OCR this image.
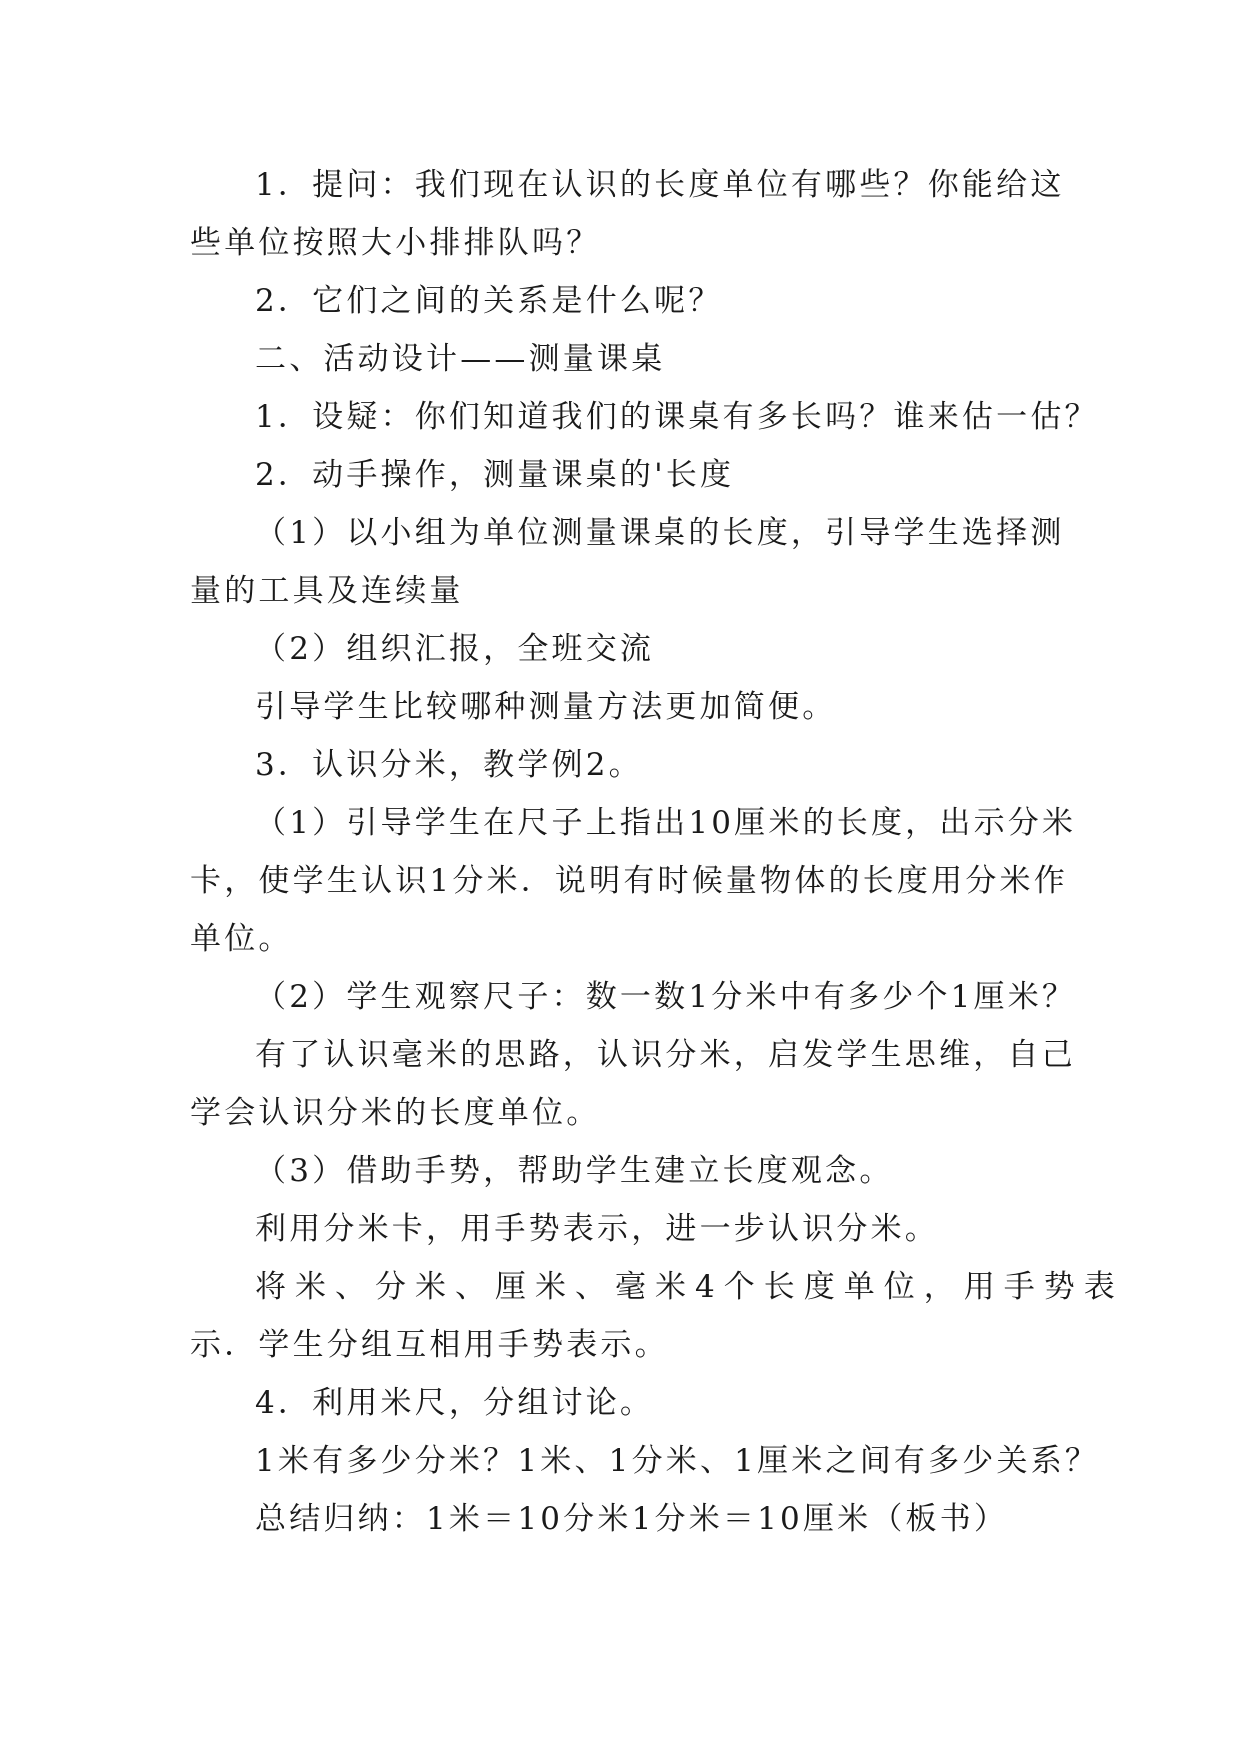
1．提问：我们现在认识的长度单位有哪些？你能给这
些单位按照大小排排队吗？
2．它们之间的关系是什么呢？
二、活动设计——测量课桌
1．设疑：你们知道我们的课桌有多长吗？谁来估一估？
2．动手操作，测量课桌的'长度
（1）以小组为单位测量课桌的长度，引导学生选择测
量的工具及连续量
（2）组织汇报，全班交流
引导学生比较哪种测量方法更加简便。
3．认识分米，教学例2。
（1）引导学生在尺子上指出10厘米的长度，出示分米
卡，使学生认识1分米．说明有时候量物体的长度用分米作
单位。
（2）学生观察尺子：数一数1分米中有多少个1厘米？
有了认识毫米的思路，认识分米，启发学生思维，自己
学会认识分米的长度单位。
（3）借助手势，帮助学生建立长度观念。
利用分米卡，用手势表示，进一步认识分米。
将米、分米、厘米、毫米4个长度单位，用手势表
示．学生分组互相用手势表示。
4．利用米尺，分组讨论。
1米有多少分米？1米、1分米、1厘米之间有多少关系？
总结归纳：1米＝10分米1分米＝10厘米（板书）
